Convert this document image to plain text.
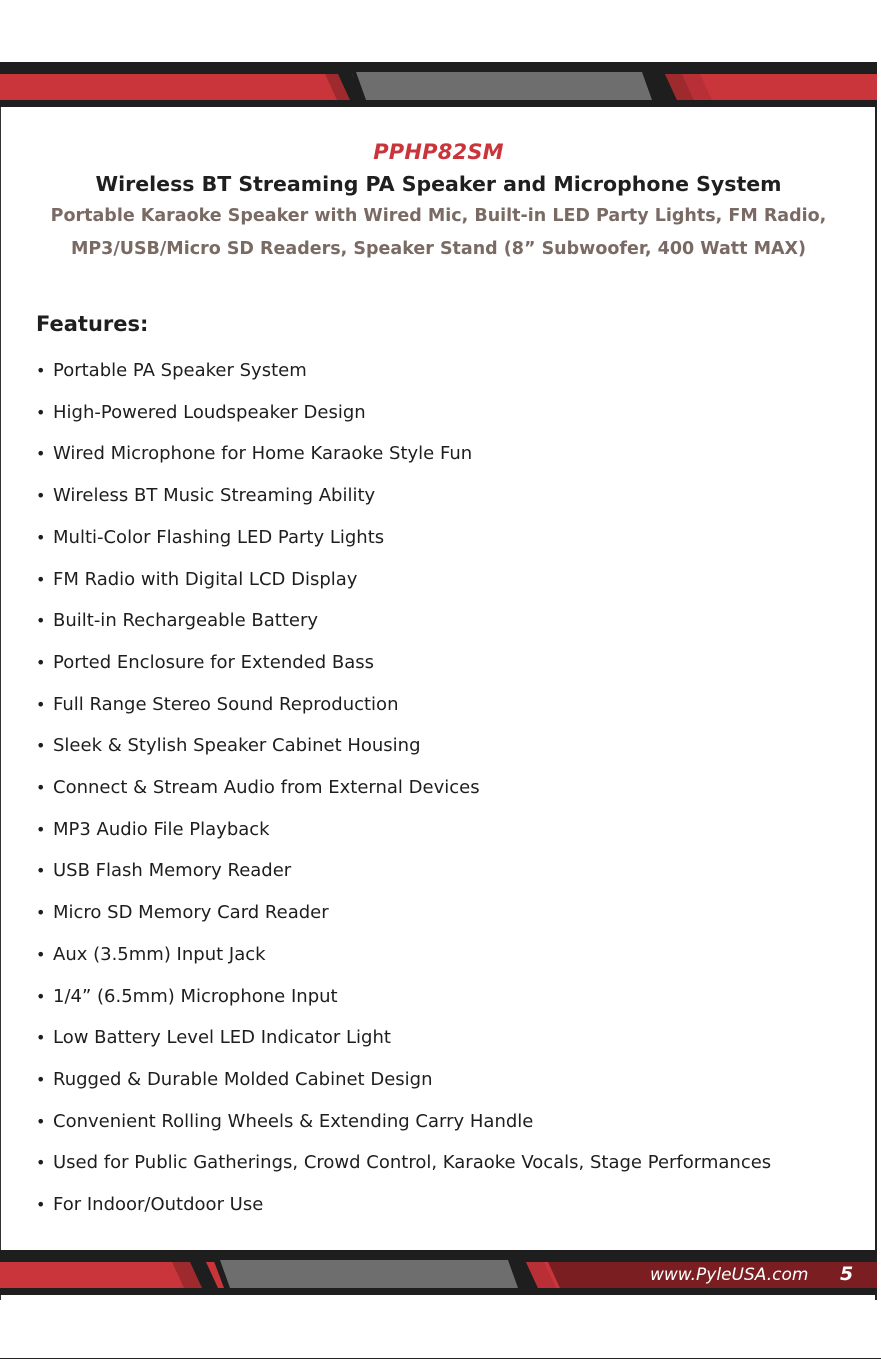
PPHP82SM
Wireless BT Streaming PA Speaker and Microphone System
Portable Karaoke Speaker with Wired Mic, Built-in LED Party Lights, FM Radio,
MP3/USB/Micro SD Readers, Speaker Stand (8” Subwoofer, 400 Watt MAX)
Features:
• Portable PA Speaker System
• High-Powered Loudspeaker Design
• Wired Microphone for Home Karaoke Style Fun
• Wireless BT Music Streaming Ability
• Multi-Color Flashing LED Party Lights
• FM Radio with Digital LCD Display
• Built-in Rechargeable Battery
• Ported Enclosure for Extended Bass
• Full Range Stereo Sound Reproduction
• Sleek & Stylish Speaker Cabinet Housing
• Connect & Stream Audio from External Devices
• MP3 Audio File Playback
• USB Flash Memory Reader
• Micro SD Memory Card Reader
• Aux (3.5mm) Input Jack
• 1/4” (6.5mm) Microphone Input
• Low Battery Level LED Indicator Light
• Rugged & Durable Molded Cabinet Design
• Convenient Rolling Wheels & Extending Carry Handle
• Used for Public Gatherings, Crowd Control, Karaoke Vocals, Stage Performances
• For Indoor/Outdoor Use
www.PyleUSA.com 5
